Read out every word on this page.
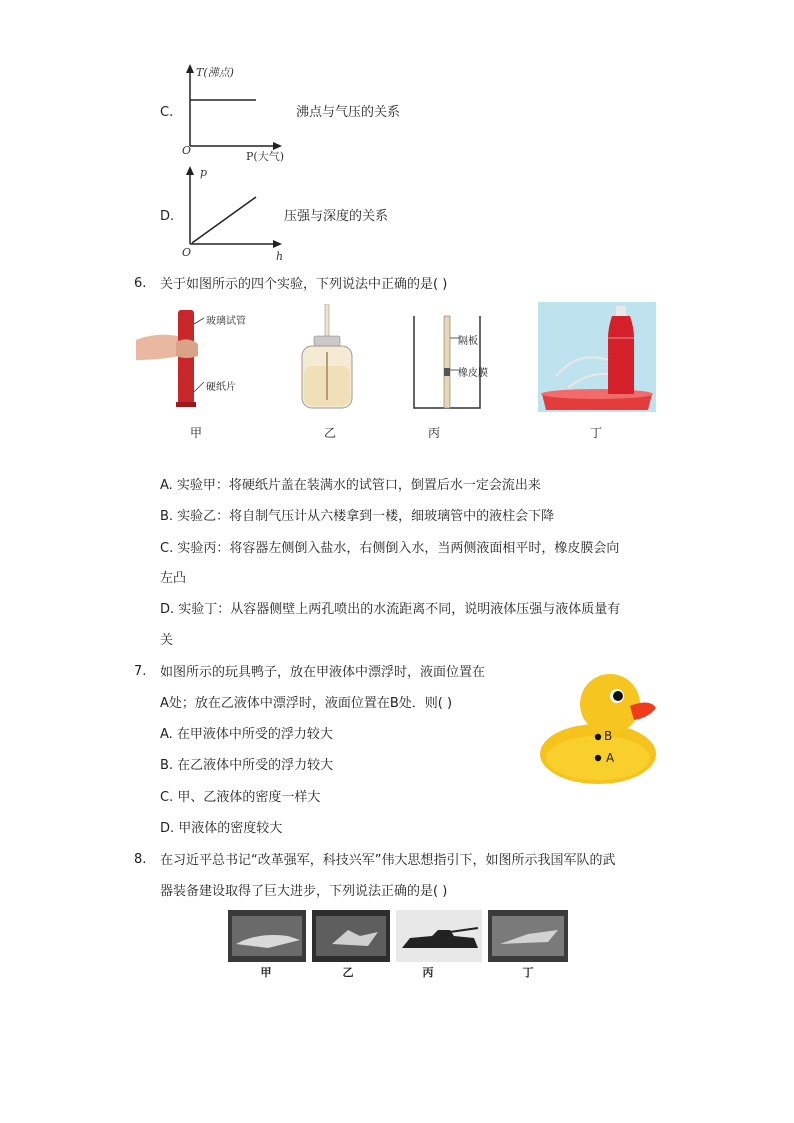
C.
T(沸点)
O	P(大气)
沸点与气压的关系
D.
p
O	h
压强与深度的关系
6. 关于如图所示的四个实验，下列说法中正确的是( )
玻璃试管
硬纸片
甲	乙
隔板
橡皮膜
丙	丁
A. 实验甲：将硬纸片盖在装满水的试管口，倒置后水一定会流出来
B. 实验乙：将自制气压计从六楼拿到一楼，细玻璃管中的液柱会下降
C. 实验丙：将容器左侧倒入盐水，右侧倒入水，当两侧液面相平时，橡皮膜会向
左凸
D. 实验丁：从容器侧壁上两孔喷出的水流距离不同，说明液体压强与液体质量有
关
7. 如图所示的玩具鸭子，放在甲液体中漂浮时，液面位置在
A处；放在乙液体中漂浮时，液面位置在B处．则( )
B
A
A. 在甲液体中所受的浮力较大
B. 在乙液体中所受的浮力较大
C. 甲、乙液体的密度一样大
D. 甲液体的密度较大
8. 在习近平总书记“改革强军，科技兴军”伟大思想指引下，如图所示我国军队的武
器装备建设取得了巨大进步，下列说法正确的是( )
甲	乙	丙	丁
